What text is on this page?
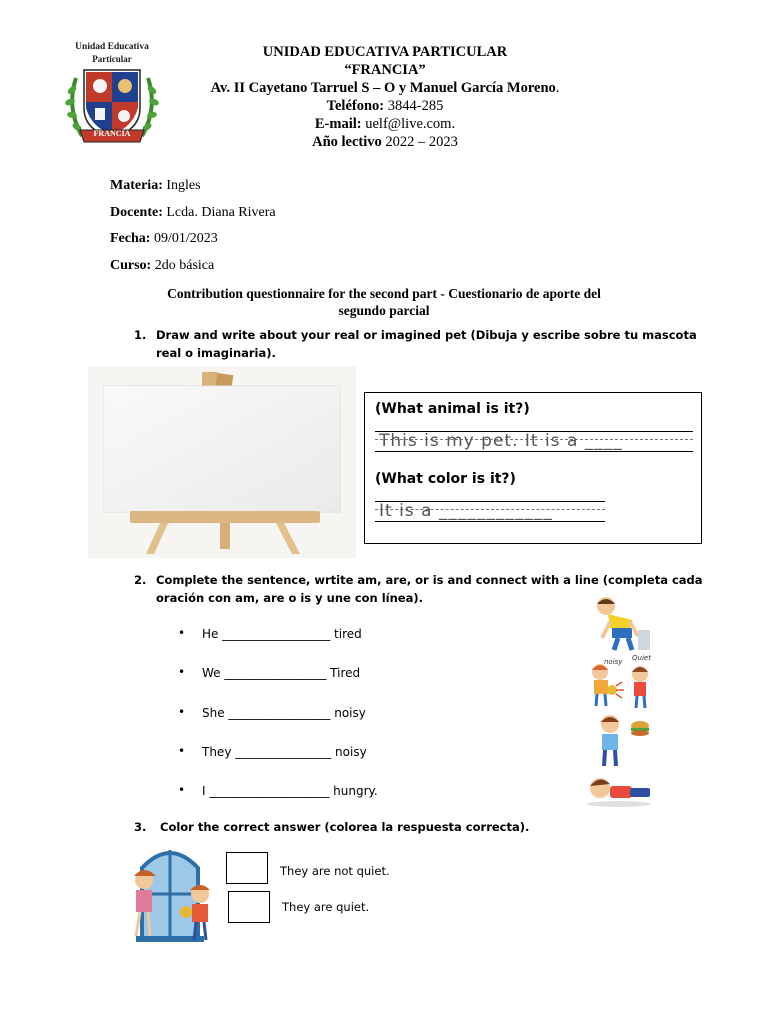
FRANCIA
Unidad Educativa
Particular	UNIDAD EDUCATIVA PARTICULAR
“FRANCIA”
Av. II Cayetano Tarruel S – O y Manuel García Moreno.
Teléfono: 3844-285
E-mail: uelf@live.com.
Año lectivo 2022 – 2023
Materia: Ingles
Docente: Lcda. Diana Rivera
Fecha: 09/01/2023
Curso: 2do básica
Contribution questionnaire for the second part - Cuestionario de aporte del
segundo parcial
1. Draw and write about your real or imagined pet (Dibuja y escribe sobre tu mascota
real o imaginaria).
(What animal is it?)
This is my pet. It is a ____
(What color is it?)
It is a ____________
2. Complete the sentence, wrtite am, are, or is and connect with a line (completa cada
oración con am, are o is y une con línea).
• He __________________ tired
• We _________________ Tired
• She _________________ noisy
• They ________________ noisy
• I ____________________ hungry.
noisy Quiet
3. Color the correct answer (colorea la respuesta correcta).
They are not quiet.
They are quiet.
